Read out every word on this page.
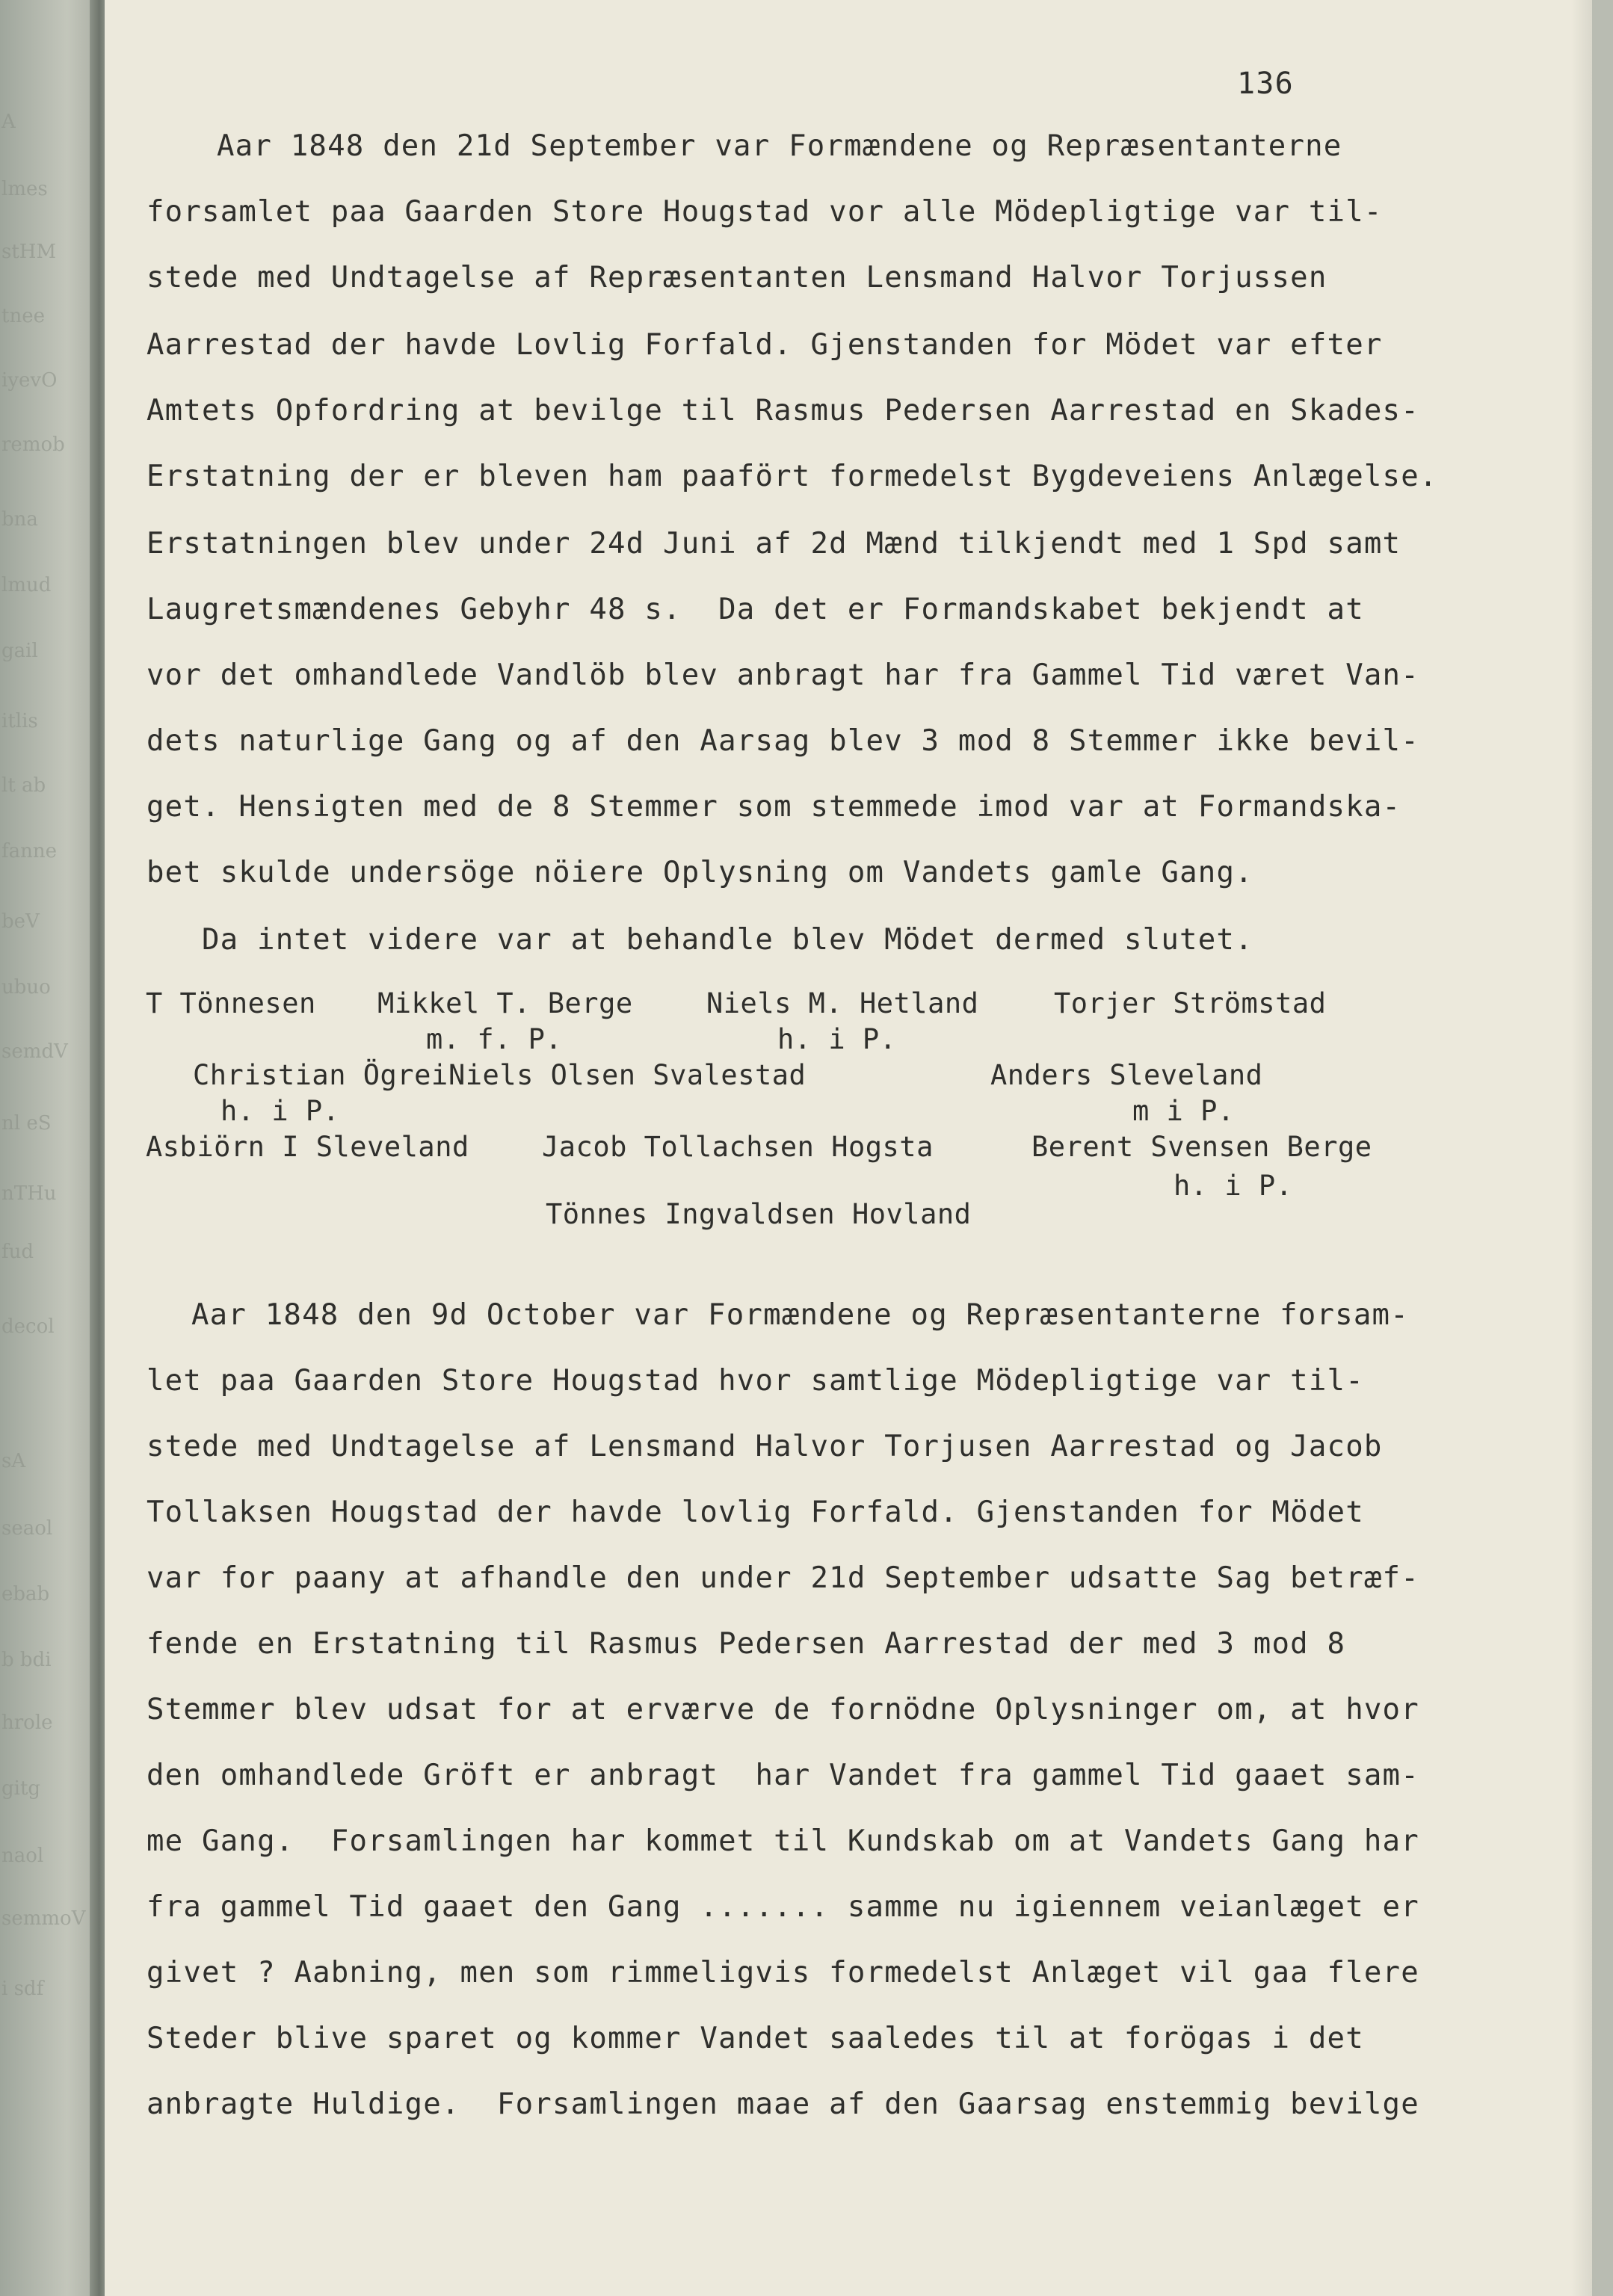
A
lmes
stHM
tnee
iyevO
remob
bna
lmud
gail
itlis
lt ab
fanne
beV
ubuo
semdV
nl eS
nTHu
fud
decol
sA
seaol
ebab
b bdi
hrole
gitg
naol
semmoV
i sdf
136
Aar 1848 den 21d September var Formændene og Repræsentanterne
forsamlet paa Gaarden Store Hougstad vor alle Mödepligtige var til-
stede med Undtagelse af Repræsentanten Lensmand Halvor Torjussen
Aarrestad der havde Lovlig Forfald. Gjenstanden for Mödet var efter
Amtets Opfordring at bevilge til Rasmus Pedersen Aarrestad en Skades-
Erstatning der er bleven ham paafört formedelst Bygdeveiens Anlægelse.
Erstatningen blev under 24d Juni af 2d Mænd tilkjendt med 1 Spd samt
Laugretsmændenes Gebyhr 48 s.  Da det er Formandskabet bekjendt at
vor det omhandlede Vandlöb blev anbragt har fra Gammel Tid været Van-
dets naturlige Gang og af den Aarsag blev 3 mod 8 Stemmer ikke bevil-
get. Hensigten med de 8 Stemmer som stemmede imod var at Formandska-
bet skulde undersöge nöiere Oplysning om Vandets gamle Gang.
Da intet videre var at behandle blev Mödet dermed slutet.
T Tönnesen Mikkel T. Berge	Niels M. Hetland	Torjer Strömstad
m. f. P.	h. i P.
Christian Ögrei Niels Olsen Svalestad	Anders Sleveland
h. i P.	m i P.
Asbiörn I Sleveland	Jacob Tollachsen Hogsta	Berent Svensen Berge
h. i P.
Tönnes Ingvaldsen Hovland
Aar 1848 den 9d October var Formændene og Repræsentanterne forsam-
let paa Gaarden Store Hougstad hvor samtlige Mödepligtige var til-
stede med Undtagelse af Lensmand Halvor Torjusen Aarrestad og Jacob
Tollaksen Hougstad der havde lovlig Forfald. Gjenstanden for Mödet
var for paany at afhandle den under 21d September udsatte Sag betræf-
fende en Erstatning til Rasmus Pedersen Aarrestad der med 3 mod 8
Stemmer blev udsat for at erværve de fornödne Oplysninger om, at hvor
den omhandlede Gröft er anbragt  har Vandet fra gammel Tid gaaet sam-
me Gang.  Forsamlingen har kommet til Kundskab om at Vandets Gang har
fra gammel Tid gaaet den Gang ....... samme nu igiennem veianlæget er
givet ? Aabning, men som rimmeligvis formedelst Anlæget vil gaa flere
Steder blive sparet og kommer Vandet saaledes til at forögas i det
anbragte Huldige.  Forsamlingen maae af den Gaarsag enstemmig bevilge
